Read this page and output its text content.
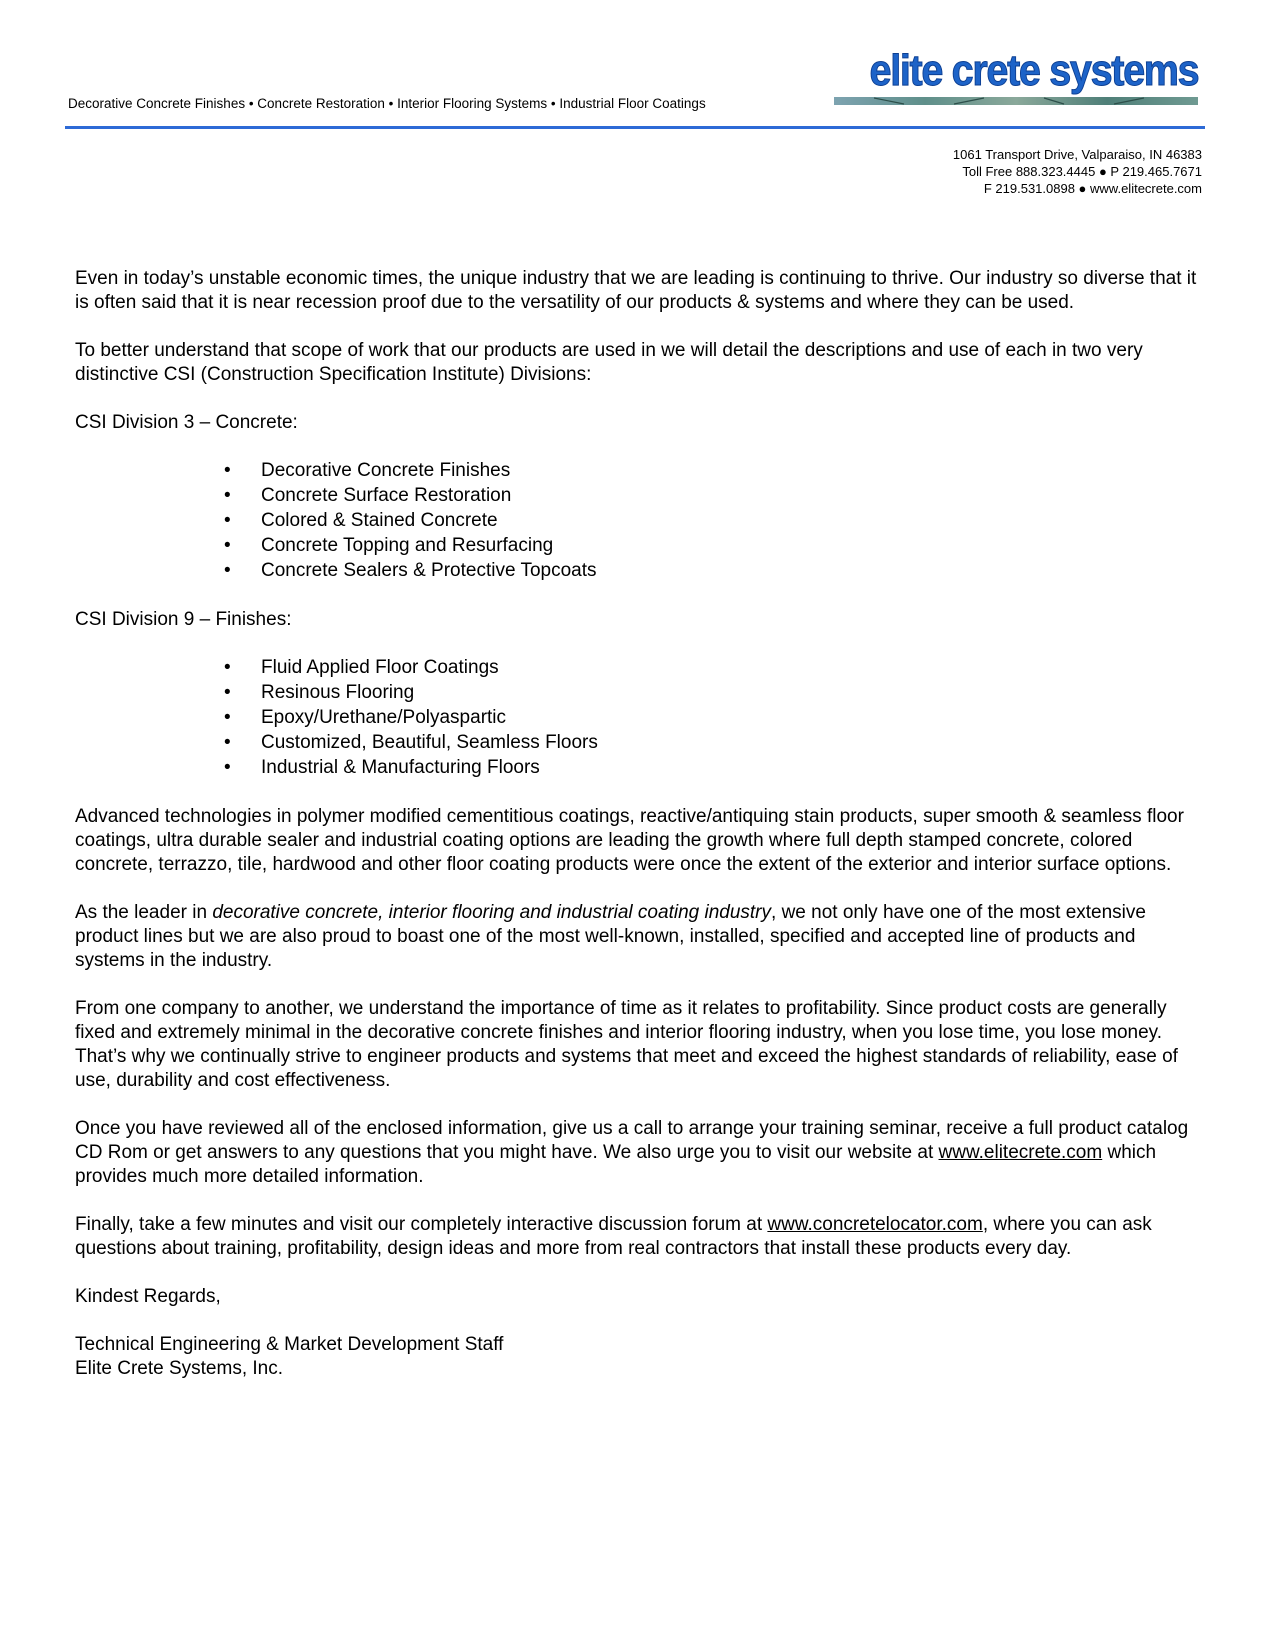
Decorative Concrete Finishes • Concrete Restoration • Interior Flooring Systems • Industrial Floor Coatings
elite crete systems
1061 Transport Drive, Valparaiso, IN 46383
Toll Free 888.323.4445 ● P 219.465.7671
F 219.531.0898 ● www.elitecrete.com

Even in today’s unstable economic times, the unique industry that we are leading is continuing to thrive. Our industry so diverse that it is often said that it is near recession proof due to the versatility of our products & systems and where they can be used.

To better understand that scope of work that our products are used in we will detail the descriptions and use of each in two very distinctive CSI (Construction Specification Institute) Divisions:

CSI Division 3 – Concrete:

• Decorative Concrete Finishes
• Concrete Surface Restoration
• Colored & Stained Concrete
• Concrete Topping and Resurfacing
• Concrete Sealers & Protective Topcoats

CSI Division 9 – Finishes:

• Fluid Applied Floor Coatings
• Resinous Flooring
• Epoxy/Urethane/Polyaspartic
• Customized, Beautiful, Seamless Floors
• Industrial & Manufacturing Floors

Advanced technologies in polymer modified cementitious coatings, reactive/antiquing stain products, super smooth & seamless floor coatings, ultra durable sealer and industrial coating options are leading the growth where full depth stamped concrete, colored concrete, terrazzo, tile, hardwood and other floor coating products were once the extent of the exterior and interior surface options.

As the leader in decorative concrete, interior flooring and industrial coating industry, we not only have one of the most extensive product lines but we are also proud to boast one of the most well-known, installed, specified and accepted line of products and systems in the industry.

From one company to another, we understand the importance of time as it relates to profitability. Since product costs are generally fixed and extremely minimal in the decorative concrete finishes and interior flooring industry, when you lose time, you lose money. That’s why we continually strive to engineer products and systems that meet and exceed the highest standards of reliability, ease of use, durability and cost effectiveness.

Once you have reviewed all of the enclosed information, give us a call to arrange your training seminar, receive a full product catalog CD Rom or get answers to any questions that you might have. We also urge you to visit our website at www.elitecrete.com which provides much more detailed information.

Finally, take a few minutes and visit our completely interactive discussion forum at www.concretelocator.com, where you can ask questions about training, profitability, design ideas and more from real contractors that install these products every day.

Kindest Regards,

Technical Engineering & Market Development Staff

Elite Crete Systems, Inc.
